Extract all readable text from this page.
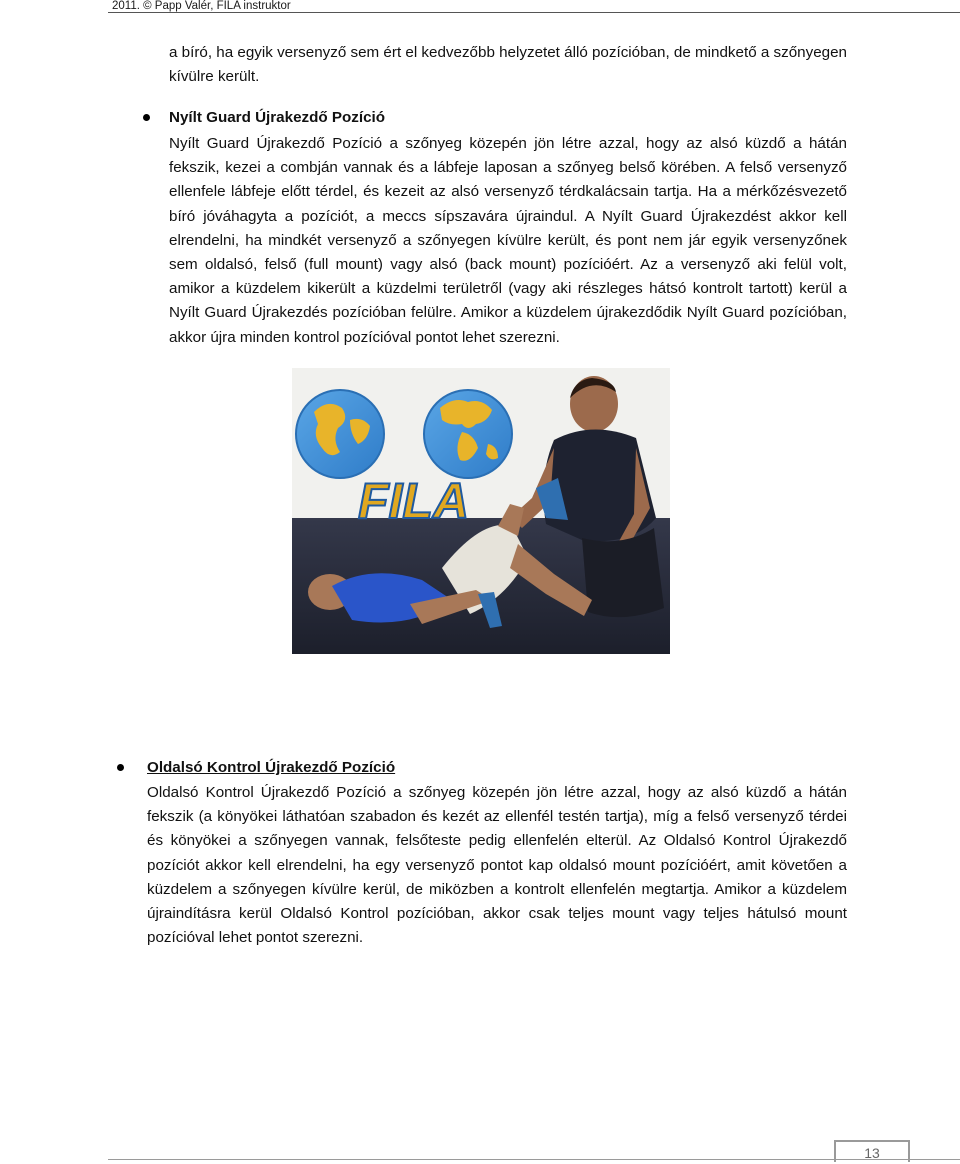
2011. © Papp Valér, FILA instruktor

a bíró, ha egyik versenyző sem ért el kedvezőbb helyzetet álló pozícióban, de mindkető a szőnyegen kívülre került.

Nyílt Guard Újrakezdő Pozíció

Nyílt Guard Újrakezdő Pozíció a szőnyeg közepén jön létre azzal, hogy az alsó küzdő a hátán fekszik, kezei a combján vannak és a lábfeje laposan a szőnyeg belső körében. A felső versenyző ellenfele lábfeje előtt térdel, és kezeit az alsó versenyző térdkalácsain tartja. Ha a mérkőzésvezető bíró jóváhagyta a pozíciót, a meccs sípszavára újraindul. A Nyílt Guard Újrakezdést akkor kell elrendelni, ha mindkét versenyző a szőnyegen kívülre került, és pont nem jár egyik versenyzőnek sem oldalsó, felső (full mount) vagy alsó (back mount) pozícióért. Az a versenyző aki felül volt, amikor a küzdelem kikerült a küzdelmi területről (vagy aki részleges hátsó kontrolt tartott) kerül a Nyílt Guard Újrakezdés pozícióban felülre. Amikor a küzdelem újrakezdődik Nyílt Guard pozícióban, akkor újra minden kontrol pozícióval pontot lehet szerezni.

FILA
Oldalsó Kontrol Újrakezdő Pozíció

Oldalsó Kontrol Újrakezdő Pozíció a szőnyeg közepén jön létre azzal, hogy az alsó küzdő a hátán fekszik (a könyökei láthatóan szabadon és kezét az ellenfél testén tartja), míg a felső versenyző térdei és könyökei a szőnyegen vannak, felsőteste pedig ellenfelén elterül. Az Oldalsó Kontrol Újrakezdő pozíciót akkor kell elrendelni, ha egy versenyző pontot kap oldalsó mount pozícióért, amit követően a küzdelem a szőnyegen kívülre kerül, de miközben a kontrolt ellenfelén megtartja. Amikor a küzdelem újraindításra kerül Oldalsó Kontrol pozícióban, akkor csak teljes mount vagy teljes hátulsó mount pozícióval lehet pontot szerezni.

13
